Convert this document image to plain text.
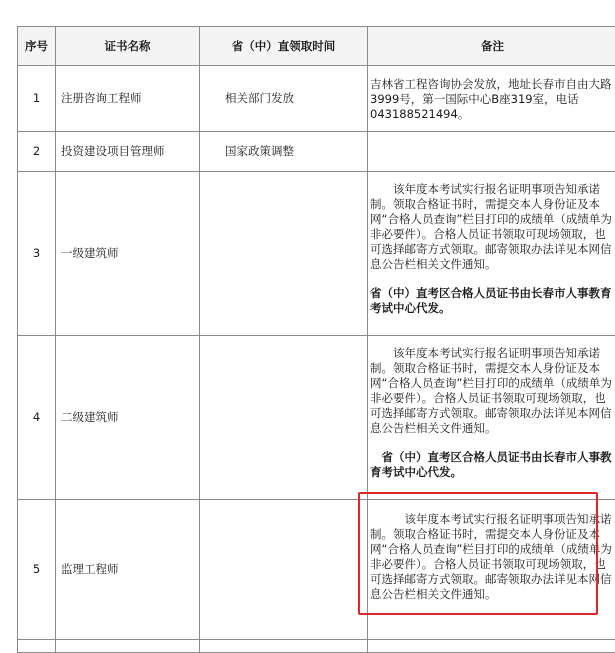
序号	证书名称	省（中）直领取时间	备注
1	注册咨询工程师	相关部门发放	吉林省工程咨询协会发放，地址长春市自由大路3999号，第一国际中心B座319室，电话043188521494。

2	投资建设项目管理师	国家政策调整	

3	一级建筑师		该年度本考试实行报名证明事项告知承诺制。领取合格证书时，需提交本人身份证及本网“合格人员查询”栏目打印的成绩单（成绩单为非必要件）。合格人员证书领取可现场领取，也可选择邮寄方式领取。邮寄领取办法详见本网信息公告栏相关文件通知。

省（中）直考区合格人员证书由长春市人事教育考试中心代发。

4	二级建筑师		该年度本考试实行报名证明事项告知承诺制。领取合格证书时，需提交本人身份证及本网“合格人员查询”栏目打印的成绩单（成绩单为非必要件）。合格人员证书领取可现场领取，也可选择邮寄方式领取。邮寄领取办法详见本网信息公告栏相关文件通知。

省（中）直考区合格人员证书由长春市人事教育考试中心代发。

5	监理工程师		该年度本考试实行报名证明事项告知承诺制。领取合格证书时，需提交本人身份证及本网“合格人员查询”栏目打印的成绩单（成绩单为非必要件）。合格人员证书领取可现场领取，也可选择邮寄方式领取。邮寄领取办法详见本网信息公告栏相关文件通知。
